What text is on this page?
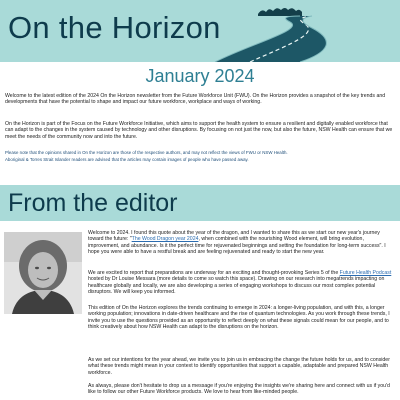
On the Horizon
January 2024

Welcome to the latest edition of the 2024 On the Horizon newsletter from the Future Workforce Unit (FWU). On the Horizon provides a snapshot of the key trends and developments that have the potential to shape and impact our future workforce, workplace and ways of working.

On the Horizon is part of the Focus on the Future Workforce Initiative, which aims to support the health system to ensure a resilient and digitally enabled workforce that can adapt to the changes in the system caused by technology and other disruptions. By focusing on not just the now, but also the future, NSW Health can ensure that we meet the needs of the community now and into the future.

Please note that the opinions shared in On the Horizon are those of the respective authors, and may not reflect the views of FWU or NSW Health.

Aboriginal & Torres Strait Islander readers are advised that the articles may contain images of people who have passed away.

From the editor

Welcome to 2024. I found this quote about the year of the dragon, and I wanted to share this as we start our new year's journey toward the future: "The Wood Dragon year 2024, when combined with the nourishing Wood element, will bring evolution, improvement, and abundance. Is it the perfect time for rejuvenated beginnings and setting the foundation for long-term success". I hope you were able to have a restful break and are feeling rejuvenated and ready to start the new year.

We are excited to report that preparations are underway for an exciting and thought-provoking Series 5 of the Future Health Podcast hosted by Dr Louise Messara (more details to come so watch this space). Drawing on our research into megatrends impacting on healthcare globally and locally, we are also developing a series of engaging workshops to discuss our most complex potential disruptors. We will keep you informed.

This edition of On the Horizon explores the trends continuing to emerge in 2024: a longer-living population, and with this, a longer working population; innovations in date-driven healthcare and the rise of quantum technologies. As you work through these trends, I invite you to use the questions provided as an opportunity to reflect deeply on what these signals could mean for our people, and to think creatively about how NSW Health can adapt to the disruptions on the horizon.

As we set our intentions for the year ahead, we invite you to join us in embracing the change the future holds for us, and to consider what these trends might mean in your context to identify opportunities that support a capable, adaptable and prepared NSW Health workforce.

As always, please don't hesitate to drop us a message if you're enjoying the insights we're sharing here and connect with us if you'd like to follow our other Future Workforce products. We love to hear from like-minded people.
